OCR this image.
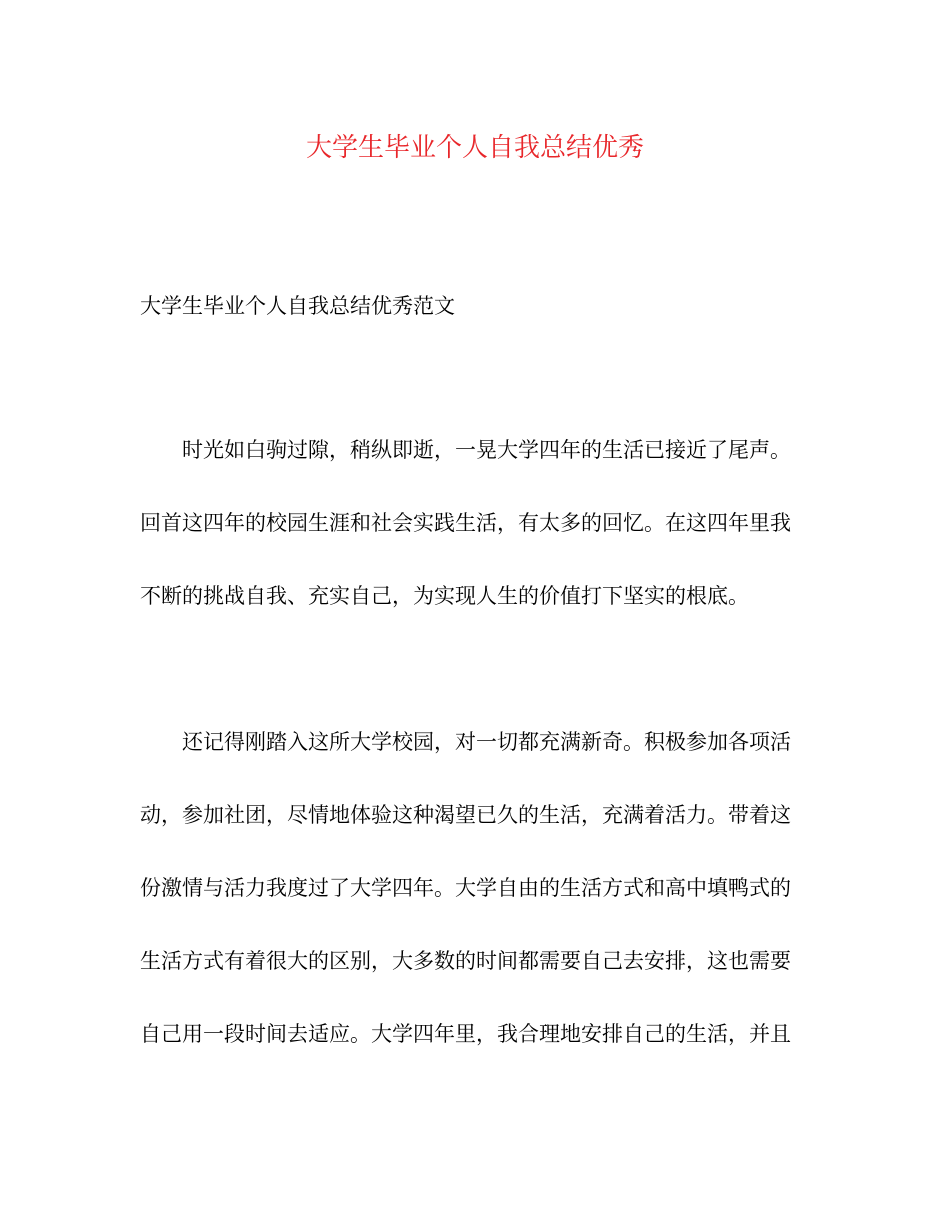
大学生毕业个人自我总结优秀
大学生毕业个人自我总结优秀范文
时光如白驹过隙，稍纵即逝，一晃大学四年的生活已接近了尾声。
回首这四年的校园生涯和社会实践生活，有太多的回忆。在这四年里我
不断的挑战自我、充实自己，为实现人生的价值打下坚实的根底。
还记得刚踏入这所大学校园，对一切都充满新奇。积极参加各项活
动，参加社团，尽情地体验这种渴望已久的生活，充满着活力。带着这
份激情与活力我度过了大学四年。大学自由的生活方式和高中填鸭式的
生活方式有着很大的区别，大多数的时间都需要自己去安排，这也需要
自己用一段时间去适应。大学四年里，我合理地安排自己的生活，并且
